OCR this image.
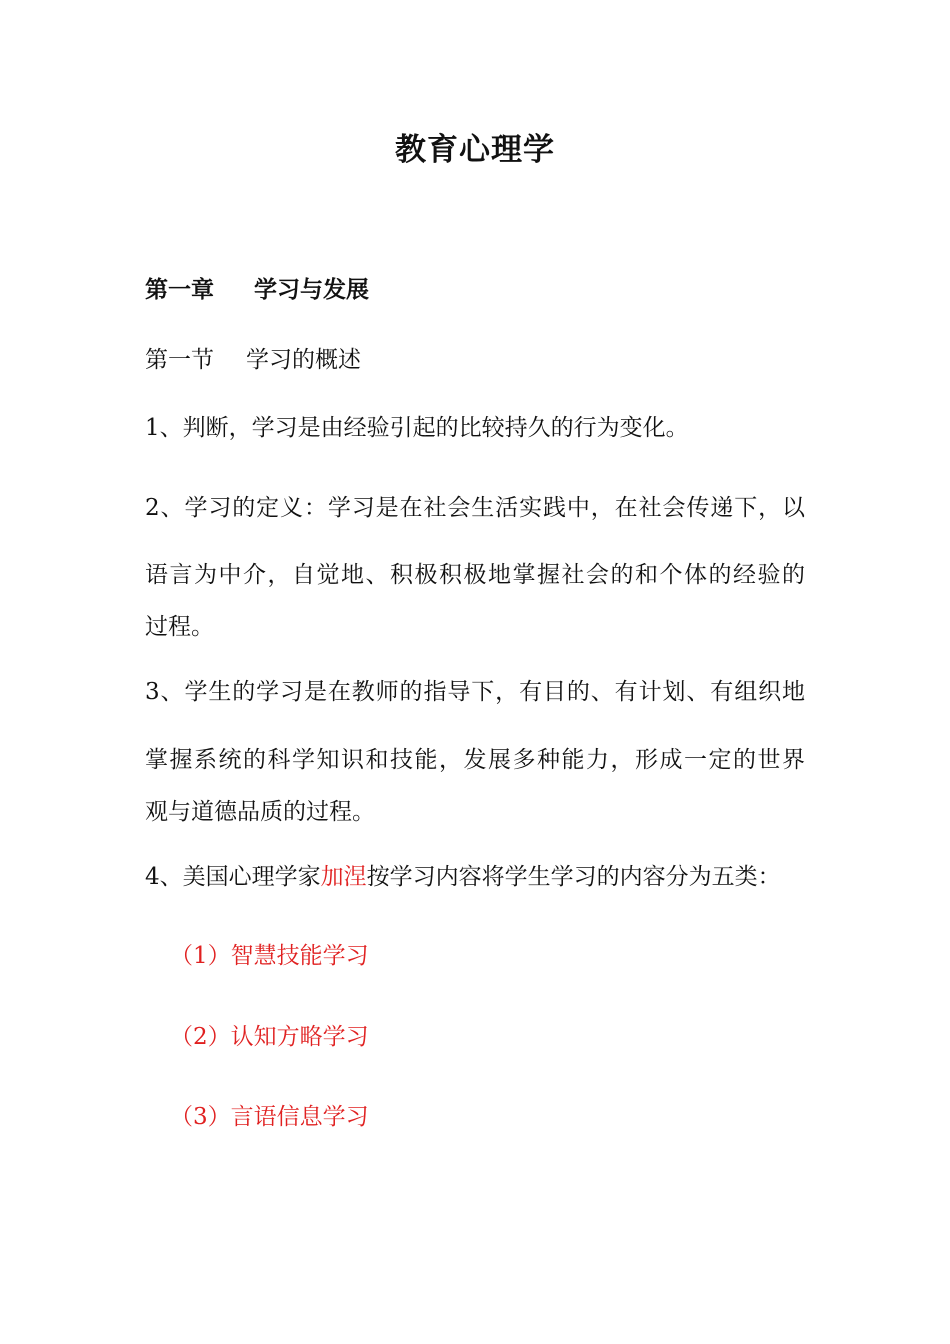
教育心理学
第一章 学习与发展
第一节 学习的概述
1、判断，学习是由经验引起的比较持久的行为变化。
2、学习的定义：学习是在社会生活实践中，在社会传递下，以
语言为中介，自觉地、积极积极地掌握社会的和个体的经验的
过程。
3、学生的学习是在教师的指导下，有目的、有计划、有组织地
掌握系统的科学知识和技能，发展多种能力，形成一定的世界
观与道德品质的过程。
4、美国心理学家加涅按学习内容将学生学习的内容分为五类：
（1）智慧技能学习
（2）认知方略学习
（3）言语信息学习
